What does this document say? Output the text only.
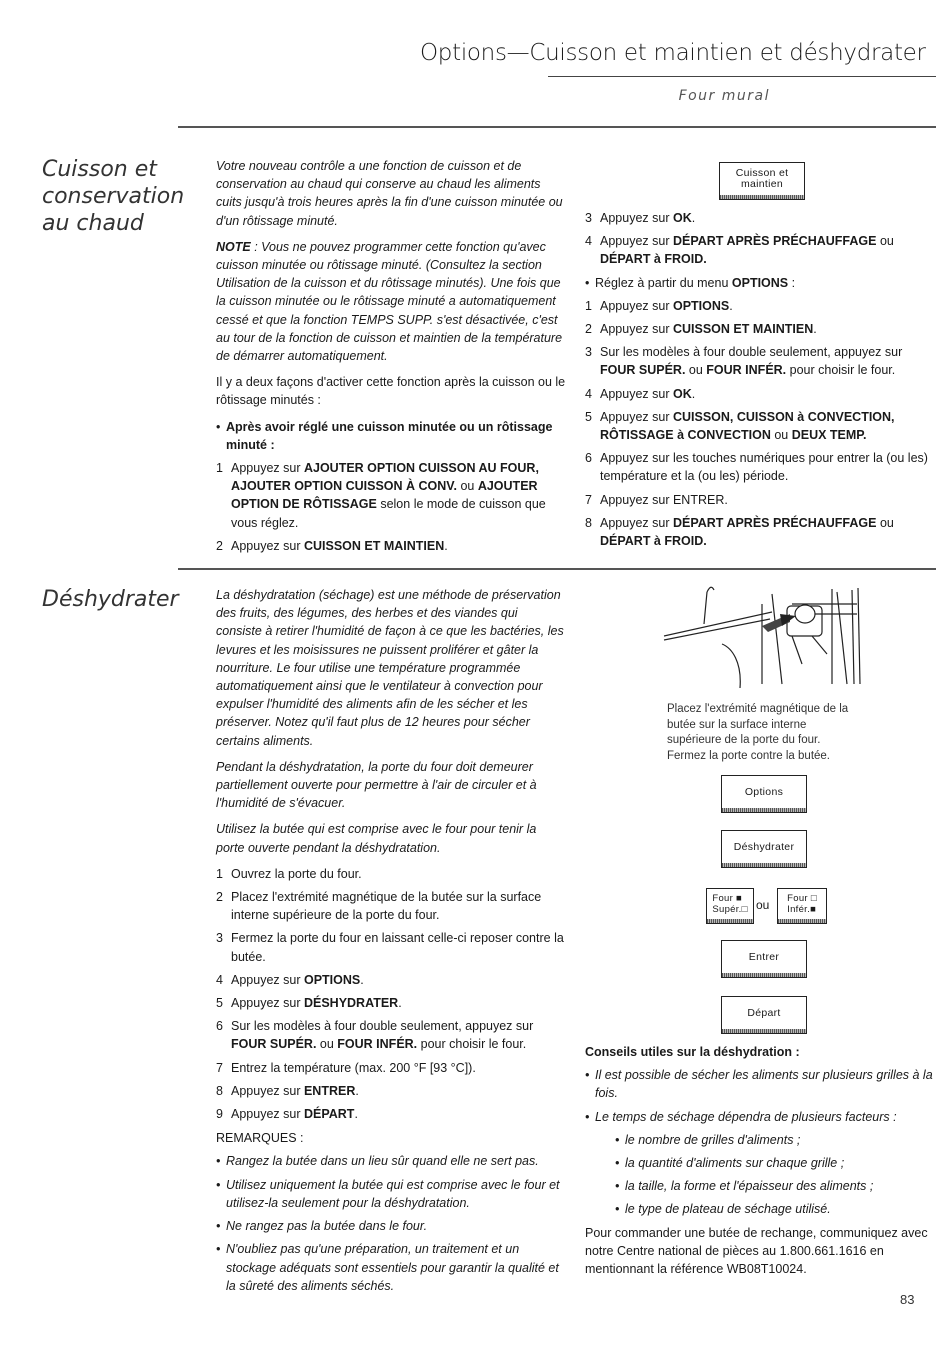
Options—Cuisson et maintien et déshydrater
Four mural
Cuisson et conservation au chaud
Votre nouveau contrôle a une fonction de cuisson et de conservation au chaud qui conserve au chaud les aliments cuits jusqu'à trois heures après la fin d'une cuisson minutée ou d'un rôtissage minuté.
NOTE : Vous ne pouvez programmer cette fonction qu'avec cuisson minutée ou rôtissage minuté. (Consultez la section Utilisation de la cuisson et du rôtissage minutés). Une fois que la cuisson minutée ou le rôtissage minuté a automatiquement cessé et que la fonction TEMPS SUPP. s'est désactivée, c'est au tour de la fonction de cuisson et maintien de la température de démarrer automatiquement.
Il y a deux façons d'activer cette fonction après la cuisson ou le rôtissage minutés :
• Après avoir réglé une cuisson minutée ou un rôtissage minuté :
1 Appuyez sur AJOUTER OPTION CUISSON AU FOUR, AJOUTER OPTION CUISSON À CONV. ou AJOUTER OPTION DE RÔTISSAGE selon le mode de cuisson que vous réglez.
2 Appuyez sur CUISSON ET MAINTIEN.
Cuisson et
maintien
3 Appuyez sur OK.
4 Appuyez sur DÉPART APRÈS PRÉCHAUFFAGE ou DÉPART à FROID.
• Réglez à partir du menu OPTIONS :
1 Appuyez sur OPTIONS.
2 Appuyez sur CUISSON ET MAINTIEN.
3 Sur les modèles à four double seulement, appuyez sur FOUR SUPÉR. ou FOUR INFÉR. pour choisir le four.
4 Appuyez sur OK.
5 Appuyez sur CUISSON, CUISSON à CONVECTION, RÔTISSAGE à CONVECTION ou DEUX TEMP.
6 Appuyez sur les touches numériques pour entrer la (ou les) température et la (ou les) période.
7 Appuyez sur ENTRER.
8 Appuyez sur DÉPART APRÈS PRÉCHAUFFAGE ou DÉPART à FROID.
Déshydrater	La déshydratation (séchage) est une méthode de préservation des fruits, des légumes, des herbes et des viandes qui consiste à retirer l'humidité de façon à ce que les bactéries, les levures et les moisissures ne puissent proliférer et gâter la nourriture. Le four utilise une température programmée automatiquement ainsi que le ventilateur à convection pour expulser l'humidité des aliments afin de les sécher et les préserver. Notez qu'il faut plus de 12 heures pour sécher certains aliments.
Pendant la déshydratation, la porte du four doit demeurer partiellement ouverte pour permettre à l'air de circuler et à l'humidité de s'évacuer.
Utilisez la butée qui est comprise avec le four pour tenir la porte ouverte pendant la déshydratation.
1 Ouvrez la porte du four.
2 Placez l'extrémité magnétique de la butée sur la surface interne supérieure de la porte du four.
3 Fermez la porte du four en laissant celle-ci reposer contre la butée.
4 Appuyez sur OPTIONS.
5 Appuyez sur DÉSHYDRATER.
6 Sur les modèles à four double seulement, appuyez sur FOUR SUPÉR. ou FOUR INFÉR. pour choisir le four.
7 Entrez la température (max. 200 °F [93 °C]).
8 Appuyez sur ENTRER.
9 Appuyez sur DÉPART.
REMARQUES :
• Rangez la butée dans un lieu sûr quand elle ne sert pas.
• Utilisez uniquement la butée qui est comprise avec le four et utilisez-la seulement pour la déshydratation.
• Ne rangez pas la butée dans le four.
• N'oubliez pas qu'une préparation, un traitement et un stockage adéquats sont essentiels pour garantir la qualité et la sûreté des aliments séchés.
Placez l'extrémité magnétique de la butée sur la surface interne supérieure de la porte du four. Fermez la porte contre la butée.
Options
Déshydrater
Four ■
Supér.□ ou Four □
Infér.■
Entrer
Départ
Conseils utiles sur la déshydration :
• Il est possible de sécher les aliments sur plusieurs grilles à la fois.
• Le temps de séchage dépendra de plusieurs facteurs :
• le nombre de grilles d'aliments ;
• la quantité d'aliments sur chaque grille ;
• la taille, la forme et l'épaisseur des aliments ;
• le type de plateau de séchage utilisé.
Pour commander une butée de rechange, communiquez avec notre Centre national de pièces au 1.800.661.1616 en mentionnant la référence WB08T10024.
83
